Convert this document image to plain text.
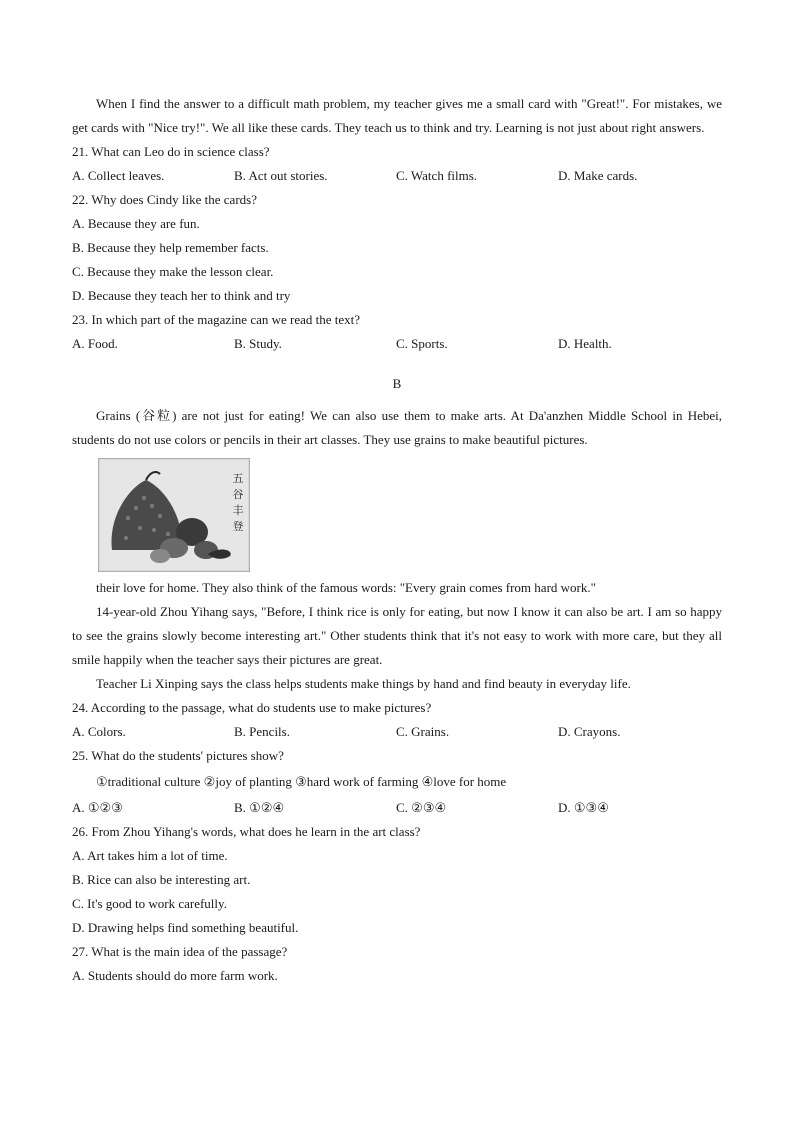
When I find the answer to a difficult math problem, my teacher gives me a small card with "Great!". For mistakes, we get cards with "Nice try!". We all like these cards. They teach us to think and try. Learning is not just about right answers.

21. What can Leo do in science class?

A. Collect leaves.	B. Act out stories.	C. Watch films.	D. Make cards.

22. Why does Cindy like the cards?

A. Because they are fun.

B. Because they help remember facts.

C. Because they make the lesson clear.

D. Because they teach her to think and try

23. In which part of the magazine can we read the text?

A. Food.	B. Study.	C. Sports.	D. Health.

B

Grains (谷粒) are not just for eating! We can also use them to make arts. At Da'anzhen Middle School in Hebei, students do not use colors or pencils in their art classes. They use grains to make beautiful pictures.

五
谷
丰
登

their love for home. They also think of the famous words: "Every grain comes from hard work."

14-year-old Zhou Yihang says, "Before, I think rice is only for eating, but now I know it can also be art. I am so happy to see the grains slowly become interesting art." Other students think that it's not easy to work with more care, but they all smile happily when the teacher says their pictures are great.

Teacher Li Xinping says the class helps students make things by hand and find beauty in everyday life.

24. According to the passage, what do students use to make pictures?

A. Colors.	B. Pencils.	C. Grains.	D. Crayons.

25. What do the students' pictures show?

①traditional culture ②joy of planting ③hard work of farming ④love for home

A. ①②③	B. ①②④	C. ②③④	D. ①③④

26. From Zhou Yihang's words, what does he learn in the art class?

A. Art takes him a lot of time.

B. Rice can also be interesting art.

C. It's good to work carefully.

D. Drawing helps find something beautiful.

27. What is the main idea of the passage?

A. Students should do more farm work.
